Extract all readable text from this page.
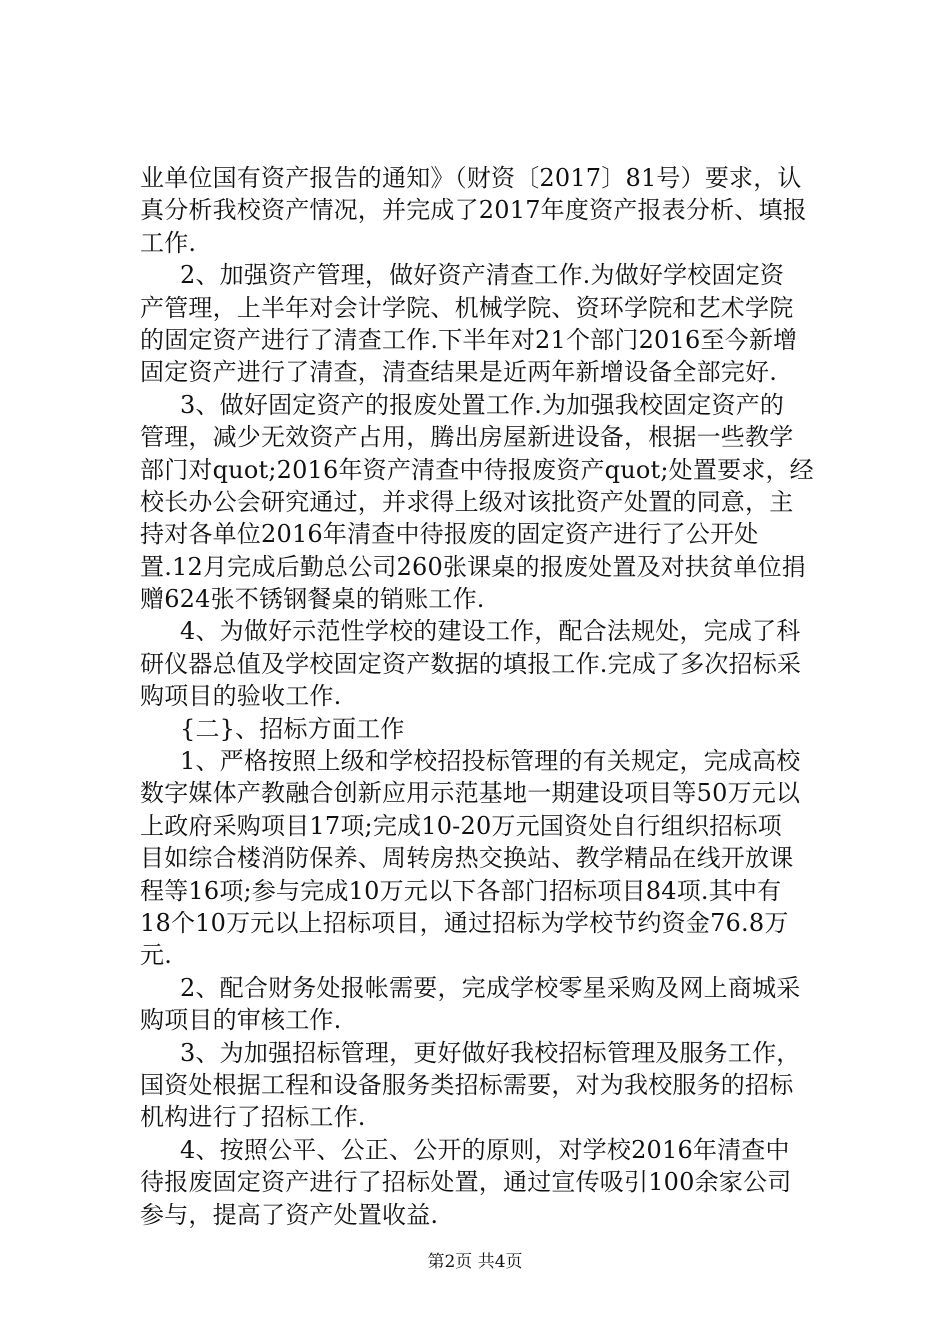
业单位国有资产报告的通知》（财资〔2017〕81号）要求，认
真分析我校资产情况，并完成了2017年度资产报表分析、填报
工作.
2、加强资产管理，做好资产清查工作.为做好学校固定资
产管理，上半年对会计学院、机械学院、资环学院和艺术学院
的固定资产进行了清查工作.下半年对21个部门2016至今新增
固定资产进行了清查，清查结果是近两年新增设备全部完好.
3、做好固定资产的报废处置工作.为加强我校固定资产的
管理，减少无效资产占用，腾出房屋新进设备，根据一些教学
部门对quot;2016年资产清查中待报废资产quot;处置要求，经
校长办公会研究通过，并求得上级对该批资产处置的同意，主
持对各单位2016年清查中待报废的固定资产进行了公开处
置.12月完成后勤总公司260张课桌的报废处置及对扶贫单位捐
赠624张不锈钢餐桌的销账工作.
4、为做好示范性学校的建设工作，配合法规处，完成了科
研仪器总值及学校固定资产数据的填报工作.完成了多次招标采
购项目的验收工作.
{二}、招标方面工作
1、严格按照上级和学校招投标管理的有关规定，完成高校
数字媒体产教融合创新应用示范基地一期建设项目等50万元以
上政府采购项目17项;完成10-20万元国资处自行组织招标项
目如综合楼消防保养、周转房热交换站、教学精品在线开放课
程等16项;参与完成10万元以下各部门招标项目84项.其中有
18个10万元以上招标项目，通过招标为学校节约资金76.8万
元.
2、配合财务处报帐需要，完成学校零星采购及网上商城采
购项目的审核工作.
3、为加强招标管理，更好做好我校招标管理及服务工作，
国资处根据工程和设备服务类招标需要，对为我校服务的招标
机构进行了招标工作.
4、按照公平、公正、公开的原则，对学校2016年清查中
待报废固定资产进行了招标处置，通过宣传吸引100余家公司
参与，提高了资产处置收益.
第2页 共4页
